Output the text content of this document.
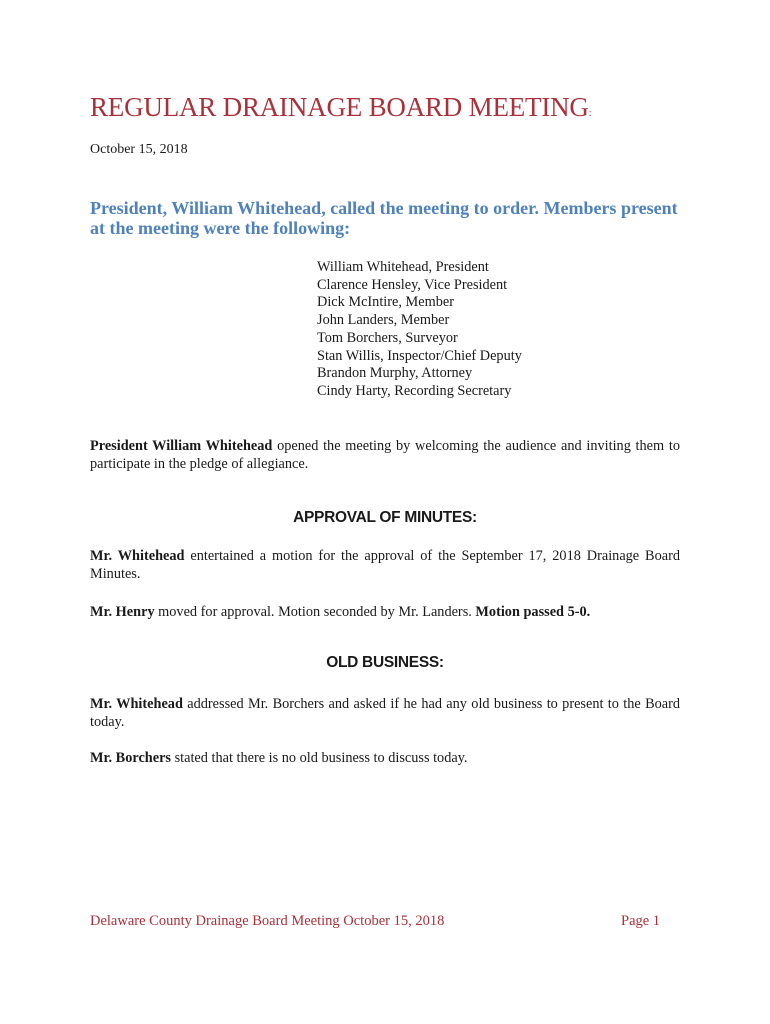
REGULAR DRAINAGE BOARD MEETING:
October 15, 2018
President, William Whitehead, called the meeting to order. Members present at the meeting were the following:
William Whitehead, President
Clarence Hensley, Vice President
Dick McIntire, Member
John Landers, Member
Tom Borchers, Surveyor
Stan Willis, Inspector/Chief Deputy
Brandon Murphy, Attorney
Cindy Harty, Recording Secretary

President William Whitehead opened the meeting by welcoming the audience and inviting them to participate in the pledge of allegiance.

APPROVAL OF MINUTES:

Mr. Whitehead entertained a motion for the approval of the September 17, 2018 Drainage Board Minutes.

Mr. Henry moved for approval. Motion seconded by Mr. Landers. Motion passed 5-0.

OLD BUSINESS:

Mr. Whitehead addressed Mr. Borchers and asked if he had any old business to present to the Board today.

Mr. Borchers stated that there is no old business to discuss today.

Delaware County Drainage Board Meeting October 15, 2018	Page 1
